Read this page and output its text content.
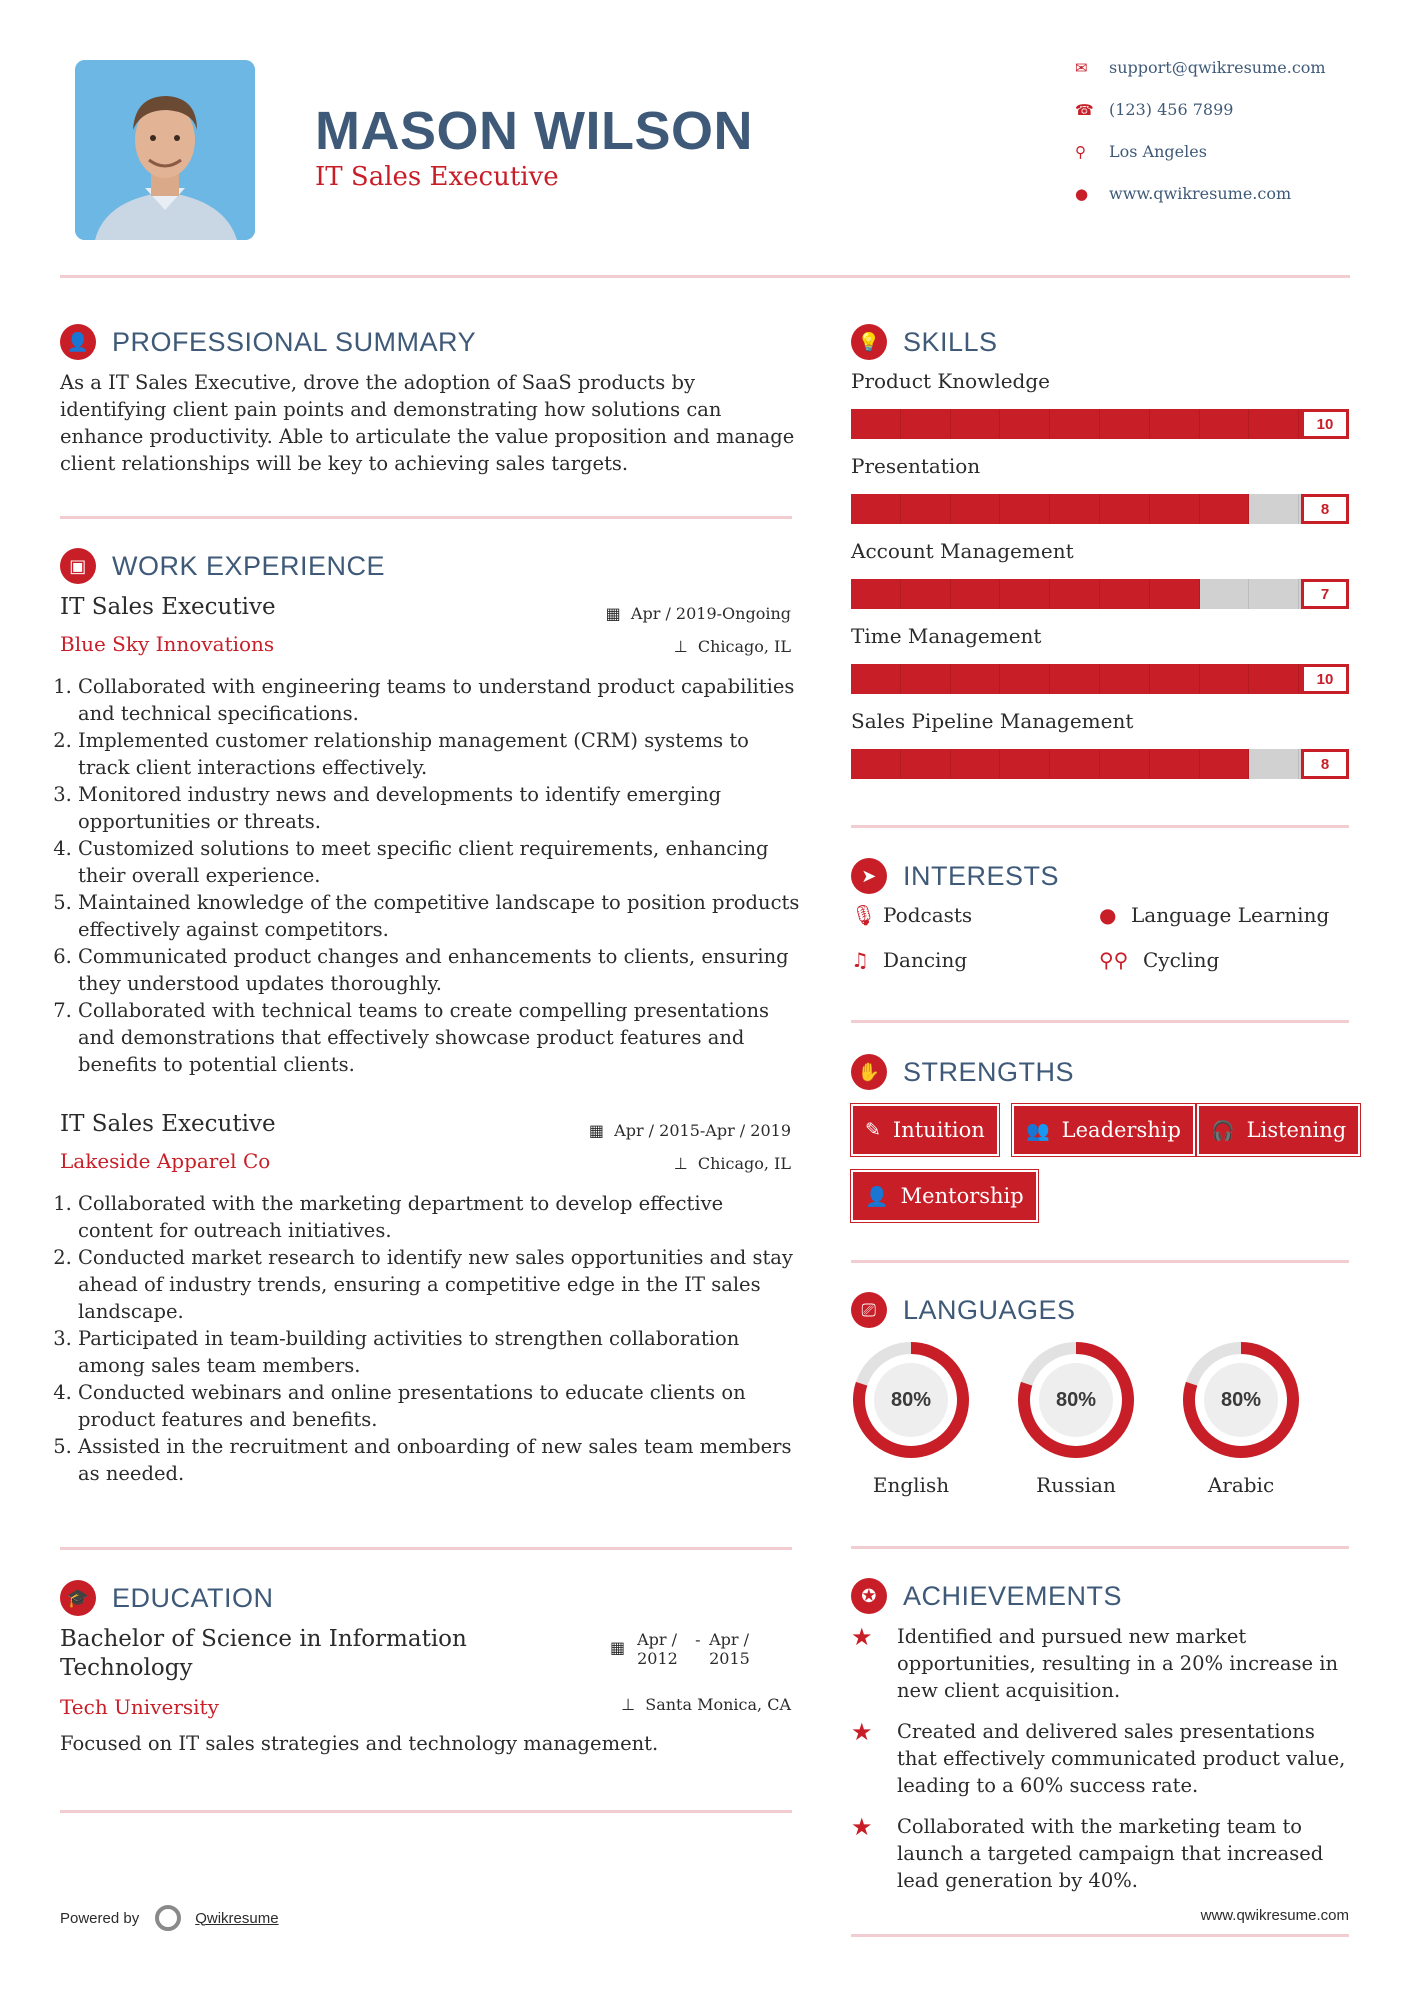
MASON WILSON
IT Sales Executive
✉ support@qwikresume.com
☎ (123) 456 7899
⚲ Los Angeles
● www.qwikresume.com
👤 PROFESSIONAL SUMMARY
As a IT Sales Executive, drove the adoption of SaaS products by identifying client pain points and demonstrating how solutions can enhance productivity. Able to articulate the value proposition and manage client relationships will be key to achieving sales targets.
▣ WORK EXPERIENCE
IT Sales Executive
Blue Sky Innovations
▦ Apr / 2019-Ongoing
⊥ Chicago, IL
1. Collaborated with engineering teams to understand product capabilities and technical specifications.
2. Implemented customer relationship management (CRM) systems to track client interactions effectively.
3. Monitored industry news and developments to identify emerging opportunities or threats.
4. Customized solutions to meet specific client requirements, enhancing their overall experience.
5. Maintained knowledge of the competitive landscape to position products effectively against competitors.
6. Communicated product changes and enhancements to clients, ensuring they understood updates thoroughly.
7. Collaborated with technical teams to create compelling presentations and demonstrations that effectively showcase product features and benefits to potential clients.
IT Sales Executive
Lakeside Apparel Co
▦ Apr / 2015-Apr / 2019
⊥ Chicago, IL
1. Collaborated with the marketing department to develop effective content for outreach initiatives.
2. Conducted market research to identify new sales opportunities and stay ahead of industry trends, ensuring a competitive edge in the IT sales landscape.
3. Participated in team-building activities to strengthen collaboration among sales team members.
4. Conducted webinars and online presentations to educate clients on product features and benefits.
5. Assisted in the recruitment and onboarding of new sales team members as needed.
🎓 EDUCATION
Bachelor of Science in Information Technology
Tech University
▦ Apr / 2012
- Apr / 2015
⊥ Santa Monica, CA
Focused on IT sales strategies and technology management.
💡 SKILLS
Product Knowledge
10
Presentation
8
Account Management
7
Time Management
10
Sales Pipeline Management
8
➤ INTERESTS
🎙 Podcasts	● Language Learning
♫ Dancing	⚲⚲ Cycling
✋ STRENGTHS
✎ Intuition 👥 Leadership 🎧 Listening
👤 Mentorship
⎚ LANGUAGES
80%
English
80%
Russian
80%
Arabic
✪ ACHIEVEMENTS
★	Identified and pursued new market opportunities, resulting in a 20% increase in new client acquisition.
★	Created and delivered sales presentations that effectively communicated product value, leading to a 60% success rate.
★	Collaborated with the marketing team to launch a targeted campaign that increased lead generation by 40%.
Powered by	Qwikresume	www.qwikresume.com
